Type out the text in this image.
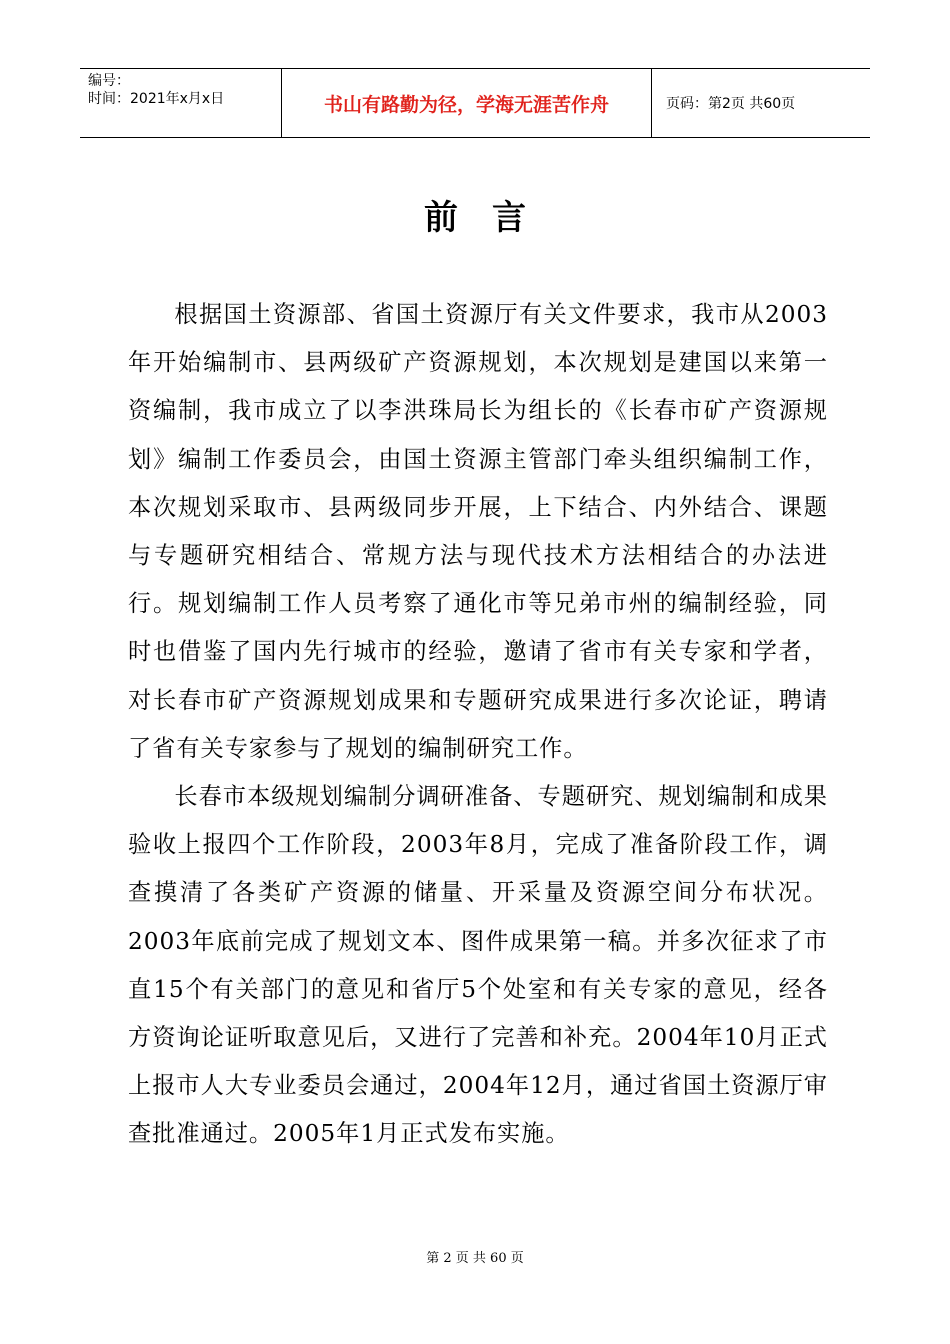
编号：
时间：2021年x月x日	书山有路勤为径，学海无涯苦作舟	页码：第2页 共60页
前言

根据国土资源部、省国土资源厅有关文件要求，我市从2003年开始编制市、县两级矿产资源规划，本次规划是建国以来第一资编制，我市成立了以李洪珠局长为组长的《长春市矿产资源规划》编制工作委员会，由国土资源主管部门牵头组织编制工作，本次规划采取市、县两级同步开展，上下结合、内外结合、课题与专题研究相结合、常规方法与现代技术方法相结合的办法进行。规划编制工作人员考察了通化市等兄弟市州的编制经验，同时也借鉴了国内先行城市的经验，邀请了省市有关专家和学者，对长春市矿产资源规划成果和专题研究成果进行多次论证，聘请了省有关专家参与了规划的编制研究工作。

长春市本级规划编制分调研准备、专题研究、规划编制和成果验收上报四个工作阶段，2003年8月，完成了准备阶段工作，调查摸清了各类矿产资源的储量、开采量及资源空间分布状况。2003年底前完成了规划文本、图件成果第一稿。并多次征求了市直15个有关部门的意见和省厅5个处室和有关专家的意见，经各方资询论证听取意见后，又进行了完善和补充。2004年10月正式上报市人大专业委员会通过，2004年12月，通过省国土资源厅审查批准通过。2005年1月正式发布实施。

第 2 页 共 60 页
